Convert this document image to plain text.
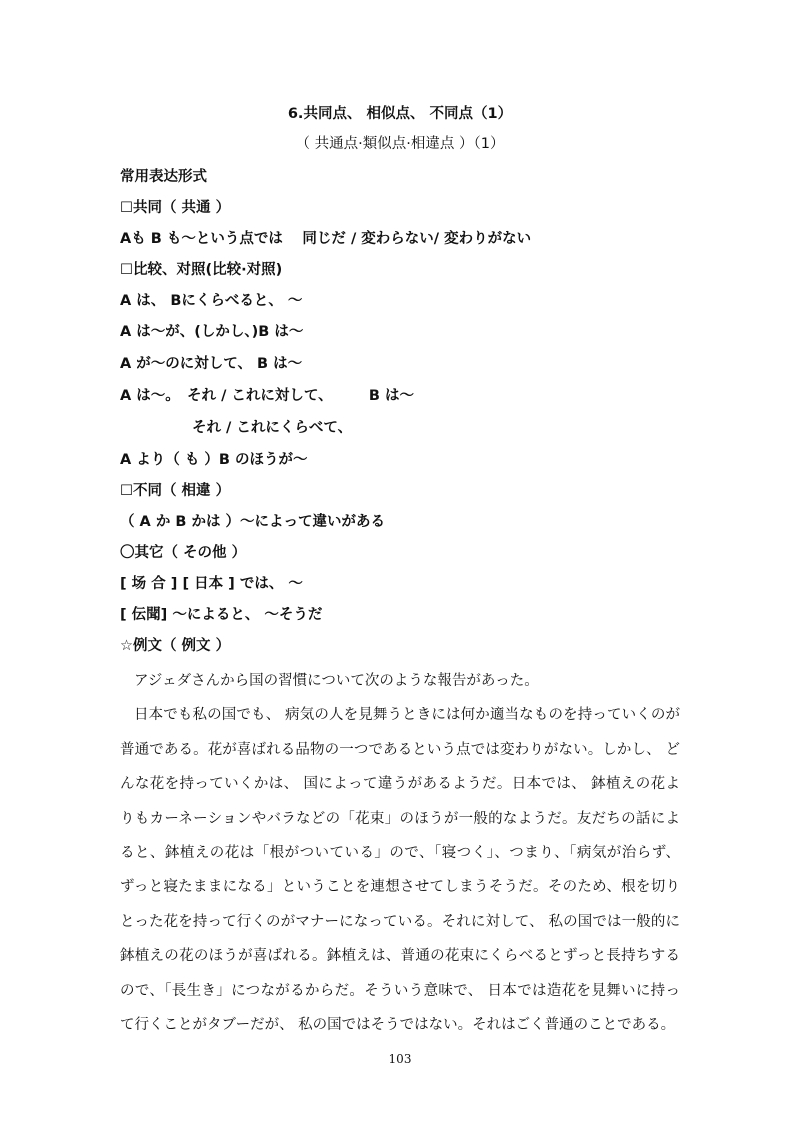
6.共同点、 相似点、 不同点（1）
（ 共通点·類似点·相違点 ）（1）
常用表达形式
☐共同（ 共通 ）
Aも B も～という点では　 同じだ / 変わらない/ 変わりがない
☐比较、对照(比较·对照)
A は、 Bにくらべると、 ～
A は～が、(しかし、)B は～
A が～のに対して、 B は～
A は～。　それ / これに対して、　　　B は～
それ / これにくらべて、
A より（ も ）B のほうが～
☐不同（ 相違 ）
（ A か B かは ）～によって違いがある
〇其它（ その他 ）
[ 场 合 ] [ 日本 ] では、 ～
[ 伝聞] ～によると、 ～そうだ
☆例文（ 例文 ）

アジェダさんから国の習慣について次のような報告があった。

日本でも私の国でも、 病気の人を見舞うときには何か適当なものを持っていくのが普通である。花が喜ばれる品物の一つであるという点では変わりがない。しかし、 どんな花を持っていくかは、 国によって違うがあるようだ。日本では、 鉢植えの花よりもカーネーションやバラなどの「花束」のほうが一般的なようだ。友だちの話によると、鉢植えの花は「根がついている」ので、「寝つく」、つまり、「病気が治らず、 ずっと寝たままになる」ということを連想させてしまうそうだ。そのため、根を切りとった花を持って行くのがマナーになっている。それに対して、 私の国では一般的に鉢植えの花のほうが喜ばれる。鉢植えは、普通の花束にくらべるとずっと長持ちするので、「長生き」につながるからだ。そういう意味で、 日本では造花を見舞いに持って行くことがタブーだが、 私の国ではそうではない。それはごく普通のことである。

103
